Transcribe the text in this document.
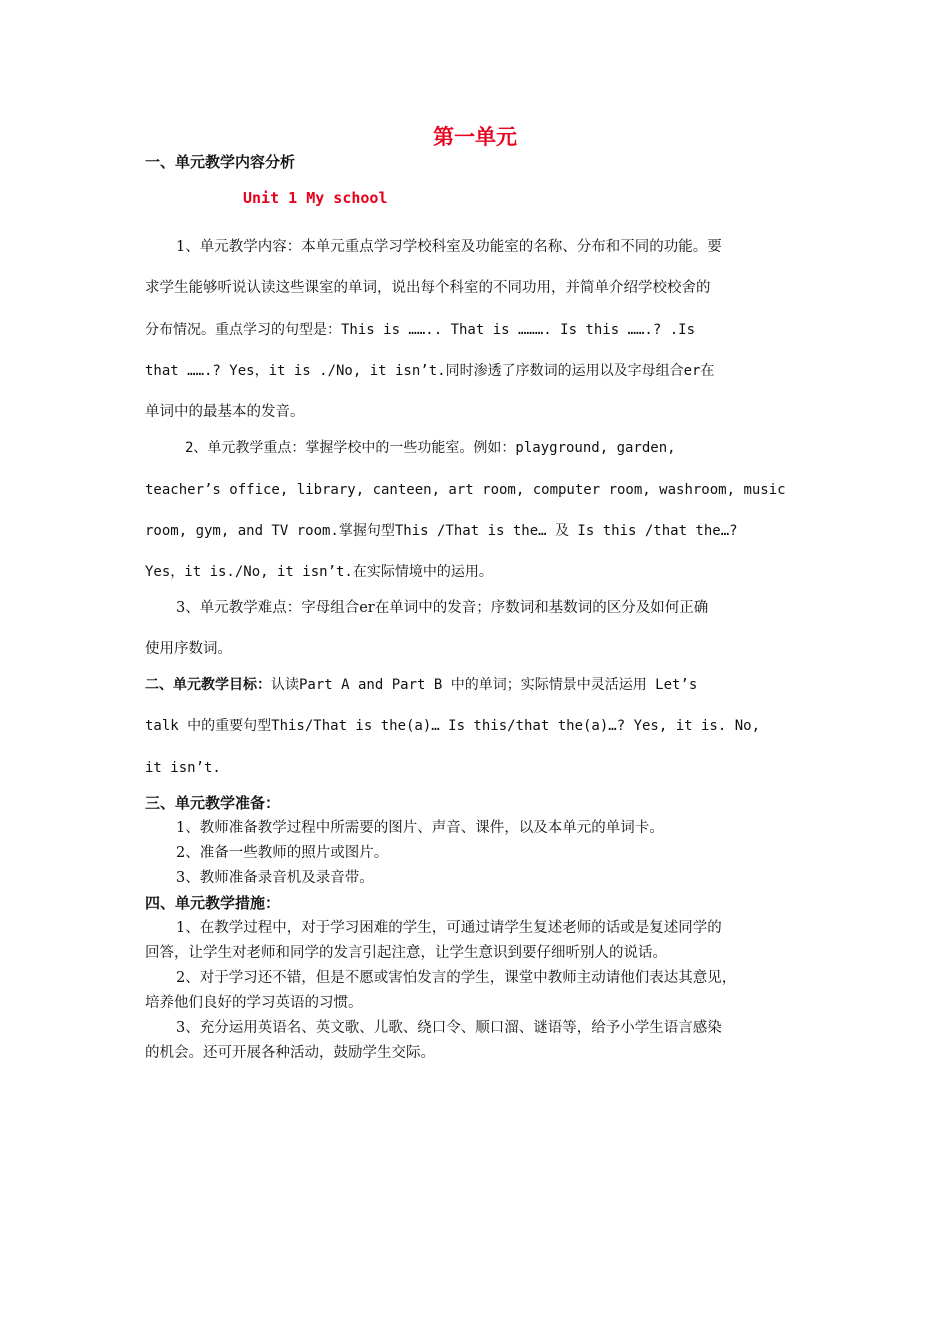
第一单元
一、单元教学内容分析
Unit 1 My school
1、单元教学内容：本单元重点学习学校科室及功能室的名称、分布和不同的功能。要
求学生能够听说认读这些课室的单词，说出每个科室的不同功用，并简单介绍学校校舍的
分布情况。重点学习的句型是：This is …….. That is ………. Is this …….? .Is
that …….? Yes，it is ./No, it isn’t.同时渗透了序数词的运用以及字母组合er在
单词中的最基本的发音。
2、单元教学重点：掌握学校中的一些功能室。例如：playground, garden,
teacher’s office, library, canteen, art room, computer room, washroom, music
room, gym, and TV room.掌握句型This /That is the… 及 Is this /that the…?
Yes，it is./No, it isn’t.在实际情境中的运用。
3、单元教学难点：字母组合er在单词中的发音；序数词和基数词的区分及如何正确
使用序数词。
二、单元教学目标：认读Part A and Part B 中的单词；实际情景中灵活运用 Let’s
talk 中的重要句型This/That is the(a)… Is this/that the(a)…? Yes, it is. No,
it isn’t.
三、单元教学准备：
1、教师准备教学过程中所需要的图片、声音、课件，以及本单元的单词卡。
2、准备一些教师的照片或图片。
3、教师准备录音机及录音带。
四、单元教学措施：
1、在教学过程中，对于学习困难的学生，可通过请学生复述老师的话或是复述同学的
回答，让学生对老师和同学的发言引起注意，让学生意识到要仔细听别人的说话。
2、对于学习还不错，但是不愿或害怕发言的学生，课堂中教师主动请他们表达其意见，
培养他们良好的学习英语的习惯。
3、充分运用英语名、英文歌、儿歌、绕口令、顺口溜、谜语等，给予小学生语言感染
的机会。还可开展各种活动，鼓励学生交际。
